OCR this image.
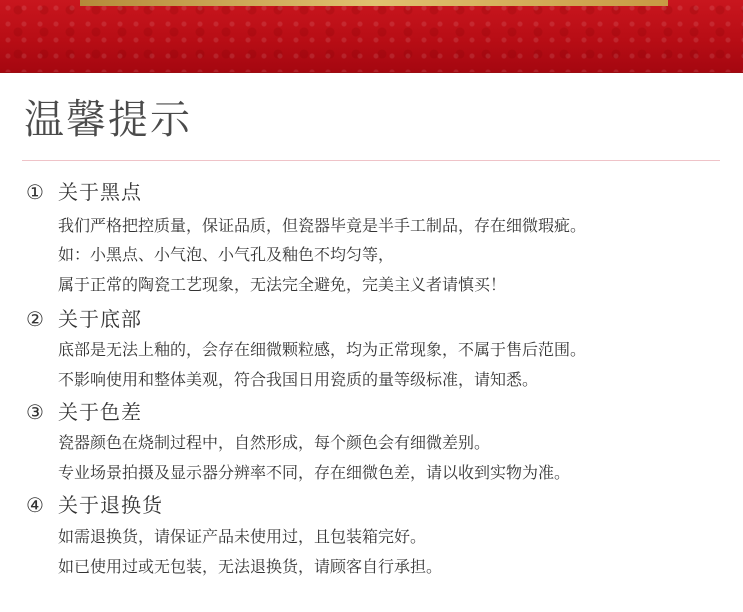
温馨提示
① 关于黑点
我们严格把控质量，保证品质，但瓷器毕竟是半手工制品，存在细微瑕疵。
如：小黑点、小气泡、小气孔及釉色不均匀等，
属于正常的陶瓷工艺现象，无法完全避免，完美主义者请慎买！
② 关于底部
底部是无法上釉的，会存在细微颗粒感，均为正常现象，不属于售后范围。
不影响使用和整体美观，符合我国日用瓷质的量等级标准，请知悉。
③ 关于色差
瓷器颜色在烧制过程中，自然形成，每个颜色会有细微差别。
专业场景拍摄及显示器分辨率不同，存在细微色差，请以收到实物为准。
④ 关于退换货
如需退换货，请保证产品未使用过，且包装箱完好。
如已使用过或无包装，无法退换货，请顾客自行承担。
